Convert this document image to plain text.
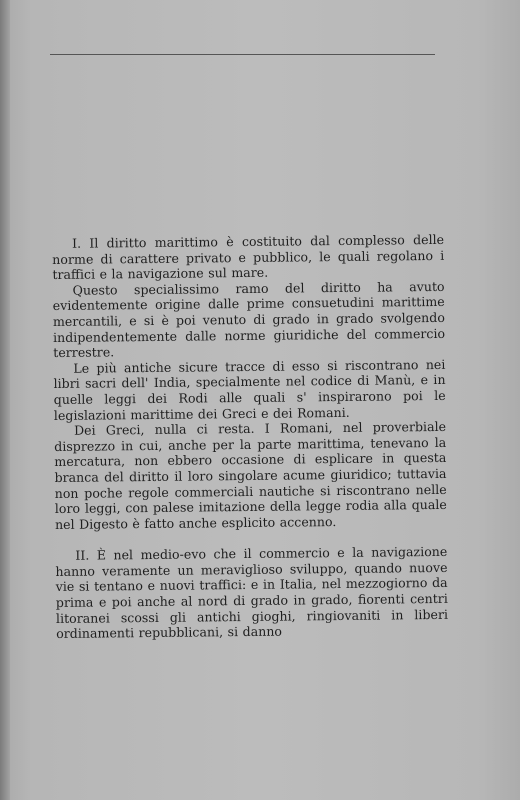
I. Il diritto marittimo è costituito dal complesso delle norme di carattere privato e pubblico, le quali regolano i traffici e la navigazione sul mare.

Questo specialissimo ramo del diritto ha avuto evidentemente origine dalle prime consuetudini marittime mercantili, e si è poi venuto di grado in grado svolgendo indipendentemente dalle norme giuridiche del commercio terrestre.

Le più antiche sicure tracce di esso si riscontrano nei libri sacri dell' India, specialmente nel codice di Manù, e in quelle leggi dei Rodi alle quali s' inspirarono poi le legislazioni marittime dei Greci e dei Romani.

Dei Greci, nulla ci resta. I Romani, nel proverbiale disprezzo in cui, anche per la parte marittima, tenevano la mercatura, non ebbero occasione di esplicare in questa branca del diritto il loro singolare acume giuridico; tuttavia non poche regole commerciali nautiche si riscontrano nelle loro leggi, con palese imitazione della legge rodia alla quale nel Digesto è fatto anche esplicito accenno.

II. È nel medio-evo che il commercio e la navigazione hanno veramente un meraviglioso sviluppo, quando nuove vie si tentano e nuovi traffici: e in Italia, nel mezzogiorno da prima e poi anche al nord di grado in grado, fiorenti centri litoranei scossi gli antichi gioghi, ringiovaniti in liberi ordinamenti repubblicani, si danno
